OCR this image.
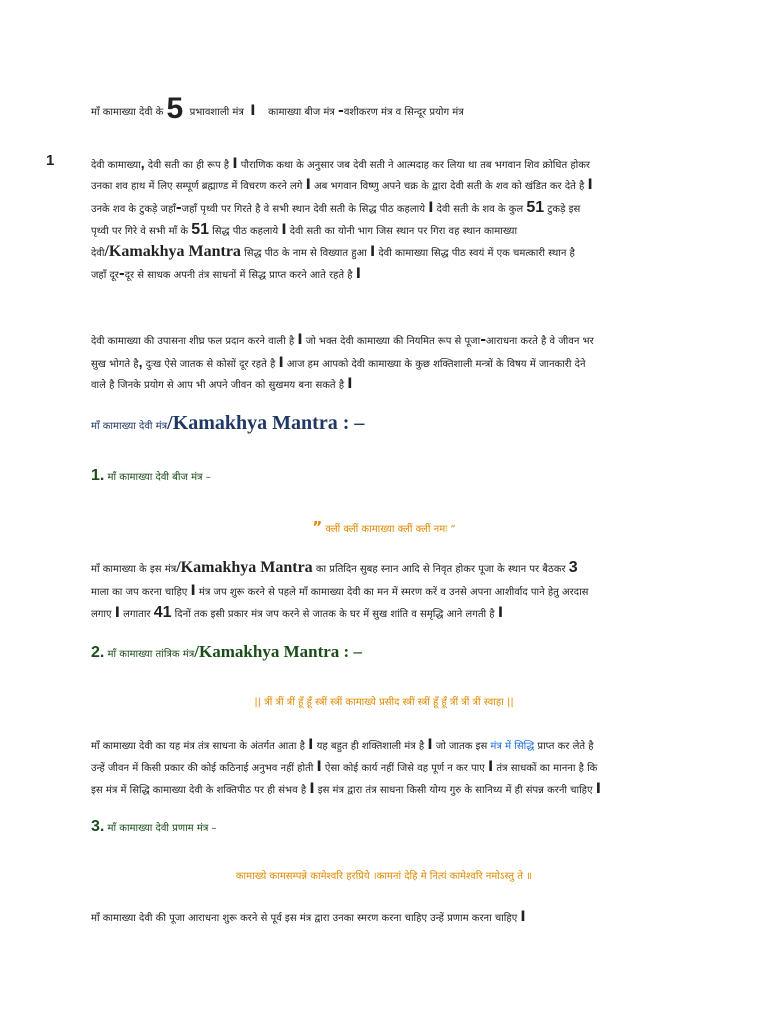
माँ कामाख्या देवी के 5 प्रभावशाली मंत्र I कामाख्या बीज मंत्र -वशीकरण मंत्र व सिन्दूर प्रयोग मंत्र
1	देवी कामाख्या, देवी सती का ही रूप है I पौराणिक कथा के अनुसार जब देवी सती ने आत्मदाह कर लिया था तब भगवान शिव क्रोधित होकर
उनका शव हाथ में लिए सम्पूर्ण ब्रह्माण्ड में विचरण करने लगे I अब भगवान विष्णु अपने चक्र के द्वारा देवी सती के शव को खंडित कर देते है I
उनके शव के टुकड़े जहाँ-जहाँ पृथ्वी पर गिरते है वे सभी स्थान देवी सती के सिद्ध पीठ कहलाये I देवी सती के शव के कुल 51 टुकड़े इस
पृथ्वी पर गिरे वे सभी माँ के 51 सिद्ध पीठ कहलाये I देवी सती का योनी भाग जिस स्थान पर गिरा वह स्थान कामाख्या
देवी/Kamakhya Mantra सिद्ध पीठ के नाम से विख्यात हुआ I देवी कामाख्या सिद्ध पीठ स्वयं में एक चमत्कारी स्थान है
जहाँ दूर-दूर से साधक अपनी तंत्र साधनों में सिद्ध प्राप्त करने आते रहते है I
देवी कामाख्या की उपासना शीघ्र फल प्रदान करने वाली है I जो भक्त देवी कामाख्या की नियमित रूप से पूजा-आराधना करते है वे जीवन भर
सुख भोगते है, दुःख ऐसे जातक से कोसों दूर रहते है I आज हम आपको देवी कामाख्या के कुछ शक्तिशाली मन्त्रों के विषय में जानकारी देने
वाले है जिनके प्रयोग से आप भी अपने जीवन को सुखमय बना सकते है I
माँ कामाख्या देवी मंत्र/Kamakhya Mantra : –
1. माँ कामाख्या देवी बीज मंत्र –
” क्लीं क्लीं कामाख्या क्लीं क्लीं नमः ”
माँ कामाख्या के इस मंत्र/Kamakhya Mantra का प्रतिदिन सुबह स्नान आदि से निवृत होकर पूजा के स्थान पर बैठकर 3
माला का जप करना चाहिए I मंत्र जप शुरू करने से पहले माँ कामाख्या देवी का मन में स्मरण करें व उनसे अपना आशीर्वाद पाने हेतु अरदास
लगाए I लगातार 41 दिनों तक इसी प्रकार मंत्र जप करने से जातक के घर में सुख शांति व समृद्धि आने लगती है I
2. माँ कामाख्या तांत्रिक मंत्र/Kamakhya Mantra : –
|| त्रीं त्रीं त्रीं हूँ हूँ स्त्रीं स्त्रीं कामाख्ये प्रसीद स्त्रीं स्त्रीं हूँ हूँ त्रीं त्रीं त्रीं स्वाहा ||
माँ कामाख्या देवी का यह मंत्र तंत्र साधना के अंतर्गत आता है I यह बहुत ही शक्तिशाली मंत्र है I जो जातक इस मंत्र में सिद्धि प्राप्त कर लेते है
उन्हें जीवन में किसी प्रकार की कोई कठिनाई अनुभव नहीं होती I ऐसा कोई कार्य नहीं जिसे वह पूर्ण न कर पाए I तंत्र साधकों का मानना है कि
इस मंत्र में सिद्धि कामाख्या देवी के शक्तिपीठ पर ही संभव है I इस मंत्र द्वारा तंत्र साधना किसी योग्य गुरु के सानिध्य में ही संपन्न करनी चाहिए I
3. माँ कामाख्या देवी प्रणाम मंत्र –
कामाख्ये कामसम्पन्ने कामेश्वरि हरप्रिये ।कामनां देहि मे नित्यं कामेश्वरि नमोऽस्तु ते ॥
माँ कामाख्या देवी की पूजा आराधना शुरू करने से पूर्व इस मंत्र द्वारा उनका स्मरण करना चाहिए उन्हें प्रणाम करना चाहिए I
